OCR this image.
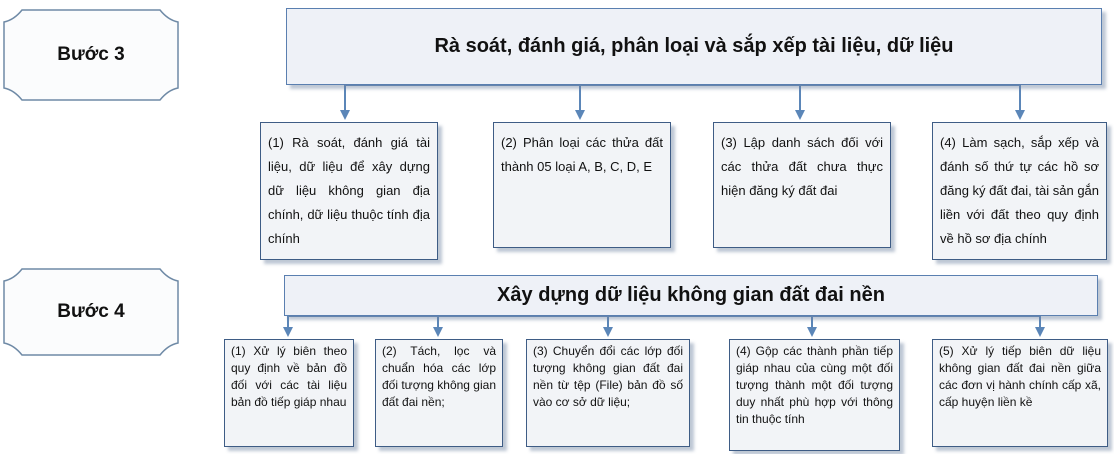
Bước 3
Bước 4
Rà soát, đánh giá, phân loại và sắp xếp tài liệu, dữ liệu
(1) Rà soát, đánh giá tài liệu, dữ liệu để xây dựng dữ liệu không gian địa chính, dữ liệu thuộc tính địa chính
(2) Phân loại các thửa đất thành 05 loại A, B, C, D, E
(3) Lập danh sách đối với các thửa đất chưa thực hiện đăng ký đất đai
(4) Làm sạch, sắp xếp và đánh số thứ tự các hồ sơ đăng ký đất đai, tài sản gắn liền với đất theo quy định về hồ sơ địa chính
Xây dựng dữ liệu không gian đất đai nền
(1) Xử lý biên theo quy định về bản đồ đối với các tài liệu bản đồ tiếp giáp nhau
(2) Tách, lọc và chuẩn hóa các lớp đối tượng không gian đất đai nền;
(3) Chuyển đổi các lớp đối tượng không gian đất đai nền từ tệp (File) bản đồ số vào cơ sở dữ liệu;
(4) Gộp các thành phần tiếp giáp nhau của cùng một đối tượng thành một đối tượng duy nhất phù hợp với thông tin thuộc tính
(5) Xử lý tiếp biên dữ liệu không gian đất đai nền giữa các đơn vị hành chính cấp xã, cấp huyện liền kề
